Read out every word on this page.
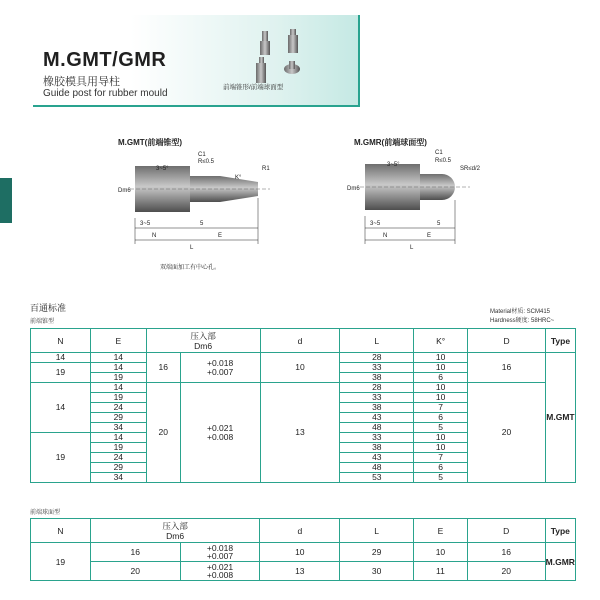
M.GMT/GMR
橡胶模具用导柱
Guide post for rubber mould
前端锥形/前端球面型
M.GMT(前端锥型)
3~5°
C1
R≤0.5
R1
K°
Dm6
3~5	5
N	E
L
双端面加工有中心孔。
M.GMR(前端球面型)
3~5°
C1
R≤0.5
SR≤d/2
Dm6
3~5	5
N	E
L
百通标准
前端锥型
Material材质: SCM415
Hardness硬度: 58HRC~
N	E	压入部
Dm6		d	L	K°	D	Type
14	14	16	+0.018
+0.007	10	28	10	16	M.GMT
19	14				33	10		
	19				38	6		
14	14	20	+0.021
+0.008	13	28	10	20	
	19				33	10		
	24				38	7		
	29				43	6		
	34				48	5		
19	14				33	10		
	19				38	10		
	24				43	7		
	29				48	6		
	34				53	5		
前端球面型
N	压入部
Dm6		d	L	E	D	Type
19	16	+0.018
+0.007	10	29	10	16	M.GMR
	20	+0.021
+0.008	13	30	11	20	
